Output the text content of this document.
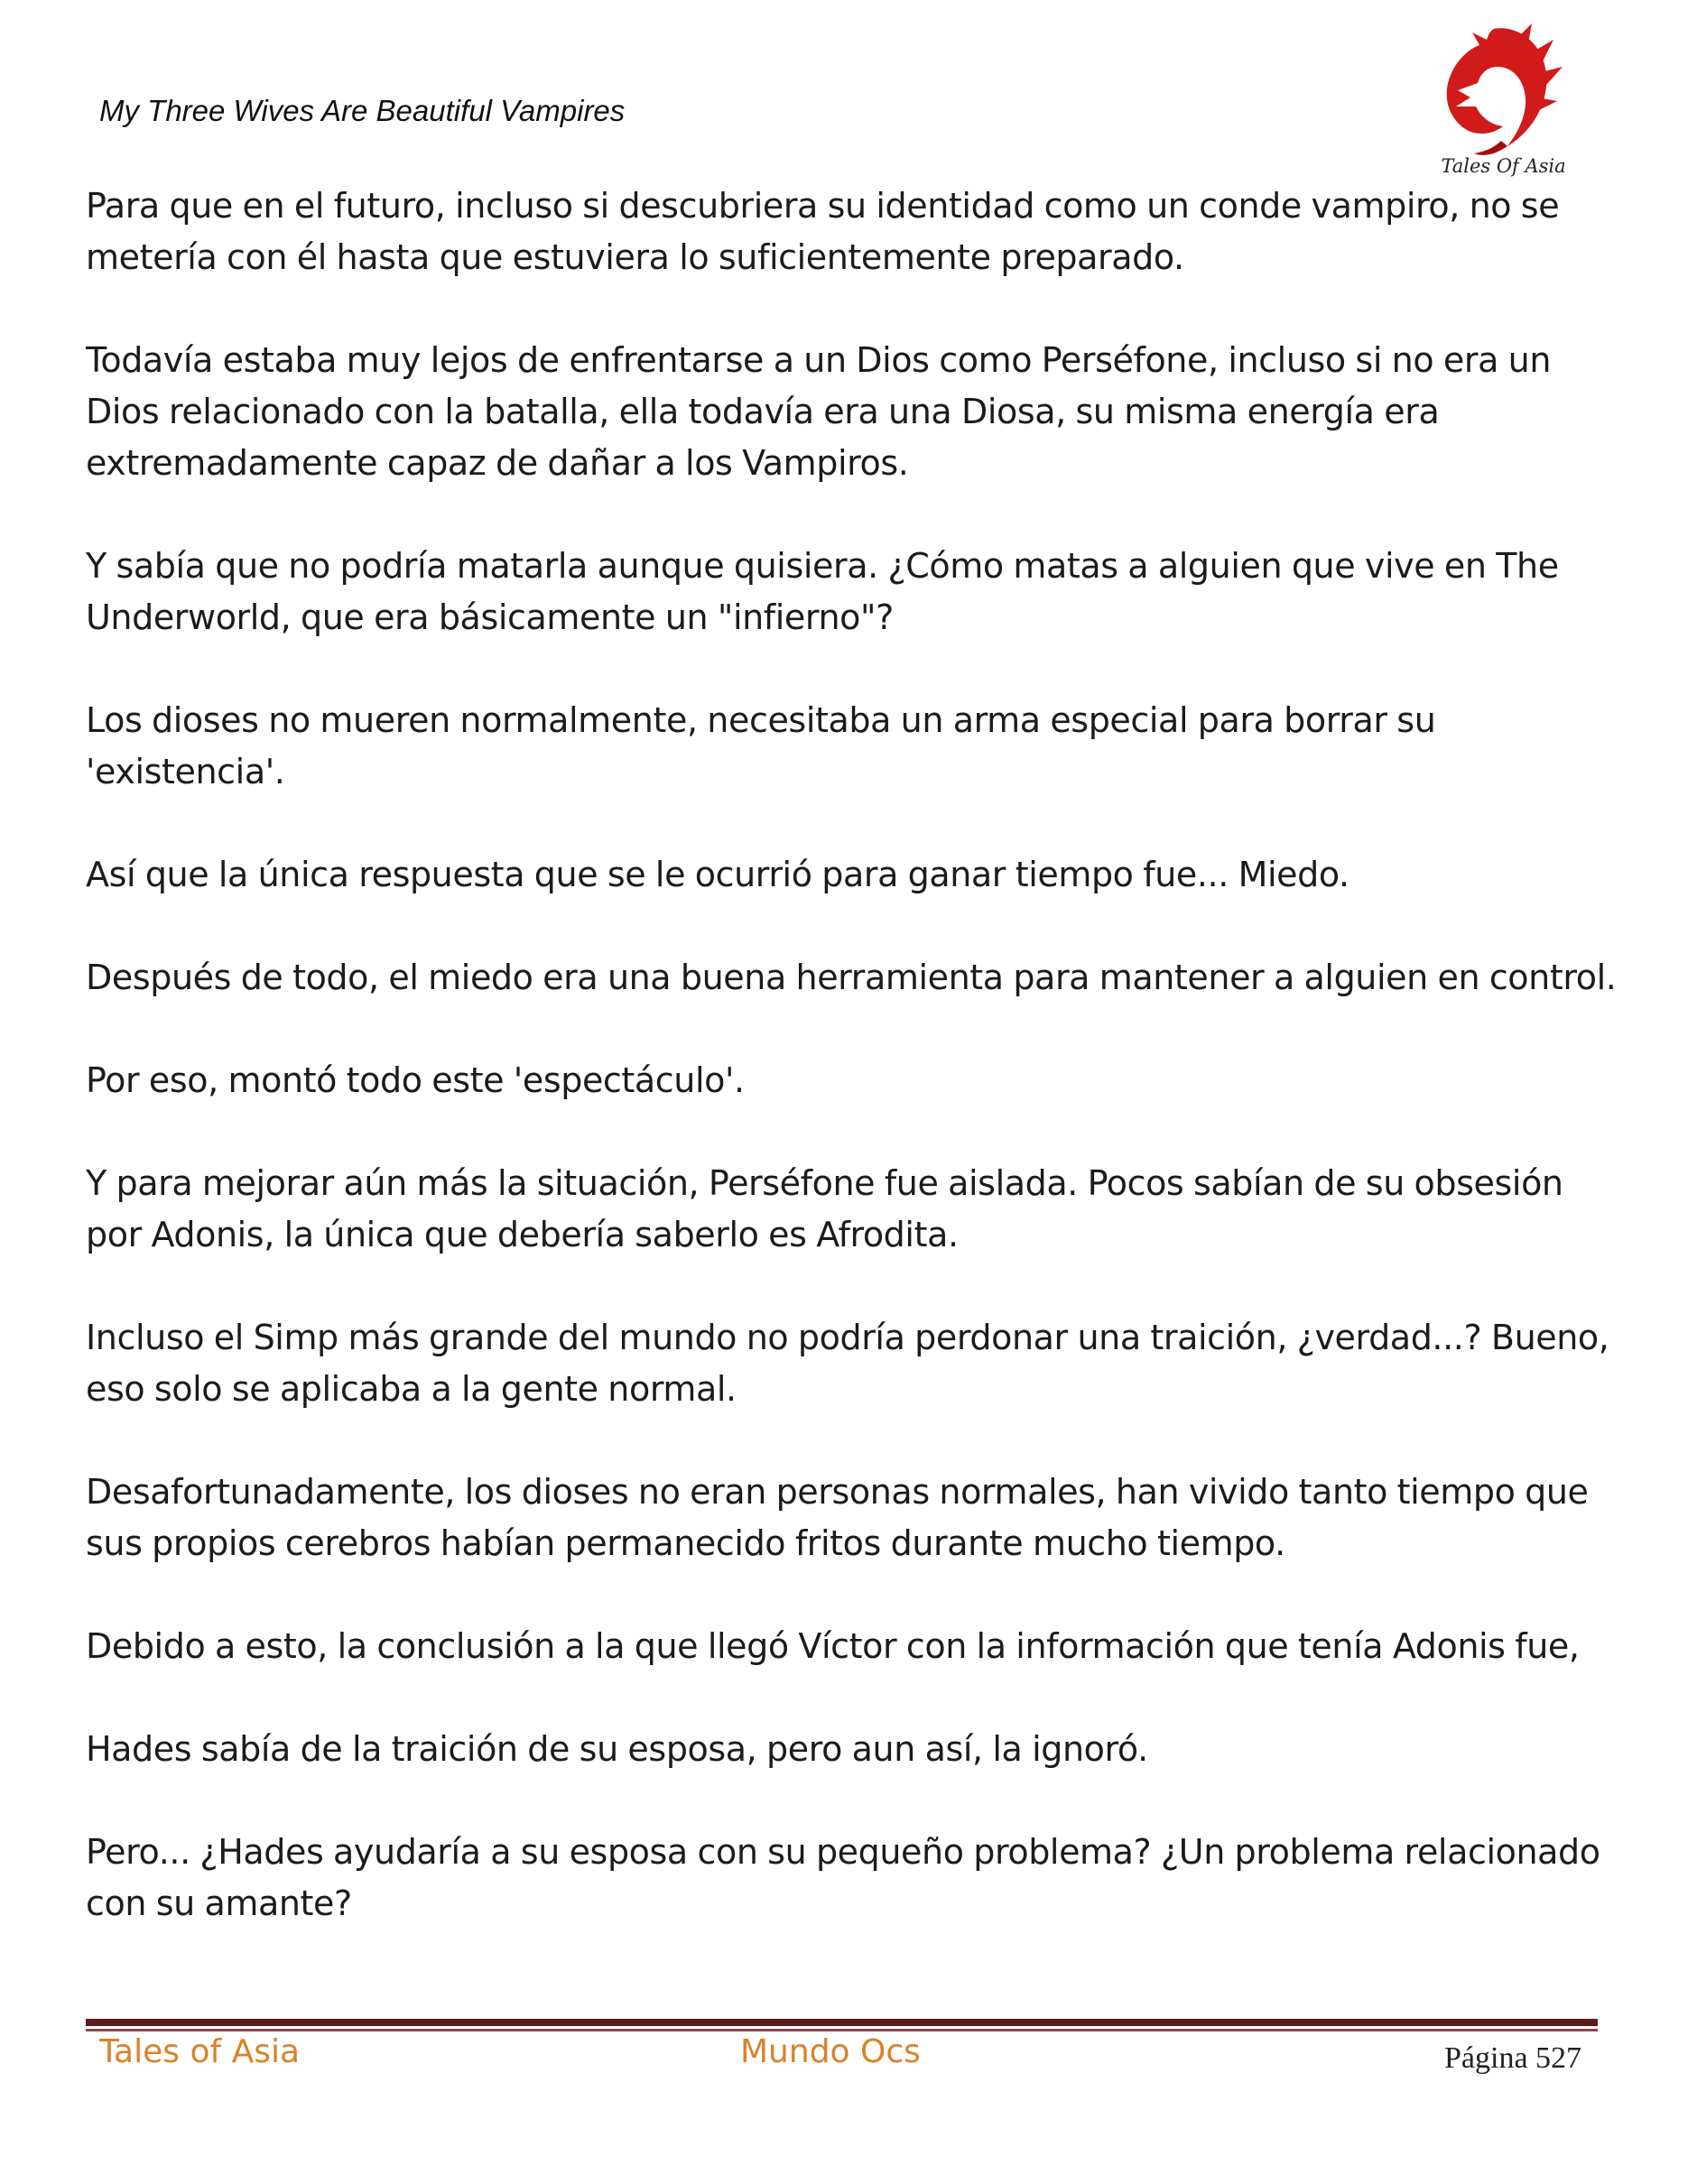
My Three Wives Are Beautiful Vampires
Tales Of Asia

Para que en el futuro, incluso si descubriera su identidad como un conde vampiro, no se metería con él hasta que estuviera lo suficientemente preparado.

Todavía estaba muy lejos de enfrentarse a un Dios como Perséfone, incluso si no era un Dios relacionado con la batalla, ella todavía era una Diosa, su misma energía era extremadamente capaz de dañar a los Vampiros.

Y sabía que no podría matarla aunque quisiera. ¿Cómo matas a alguien que vive en The Underworld, que era básicamente un "infierno"?

Los dioses no mueren normalmente, necesitaba un arma especial para borrar su 'existencia'.

Así que la única respuesta que se le ocurrió para ganar tiempo fue... Miedo.

Después de todo, el miedo era una buena herramienta para mantener a alguien en control.

Por eso, montó todo este 'espectáculo'.

Y para mejorar aún más la situación, Perséfone fue aislada. Pocos sabían de su obsesión por Adonis, la única que debería saberlo es Afrodita.

Incluso el Simp más grande del mundo no podría perdonar una traición, ¿verdad...? Bueno, eso solo se aplicaba a la gente normal.

Desafortunadamente, los dioses no eran personas normales, han vivido tanto tiempo que sus propios cerebros habían permanecido fritos durante mucho tiempo.

Debido a esto, la conclusión a la que llegó Víctor con la información que tenía Adonis fue,

Hades sabía de la traición de su esposa, pero aun así, la ignoró.

Pero... ¿Hades ayudaría a su esposa con su pequeño problema? ¿Un problema relacionado con su amante?

Tales of Asia	Mundo Ocs	Página 527
